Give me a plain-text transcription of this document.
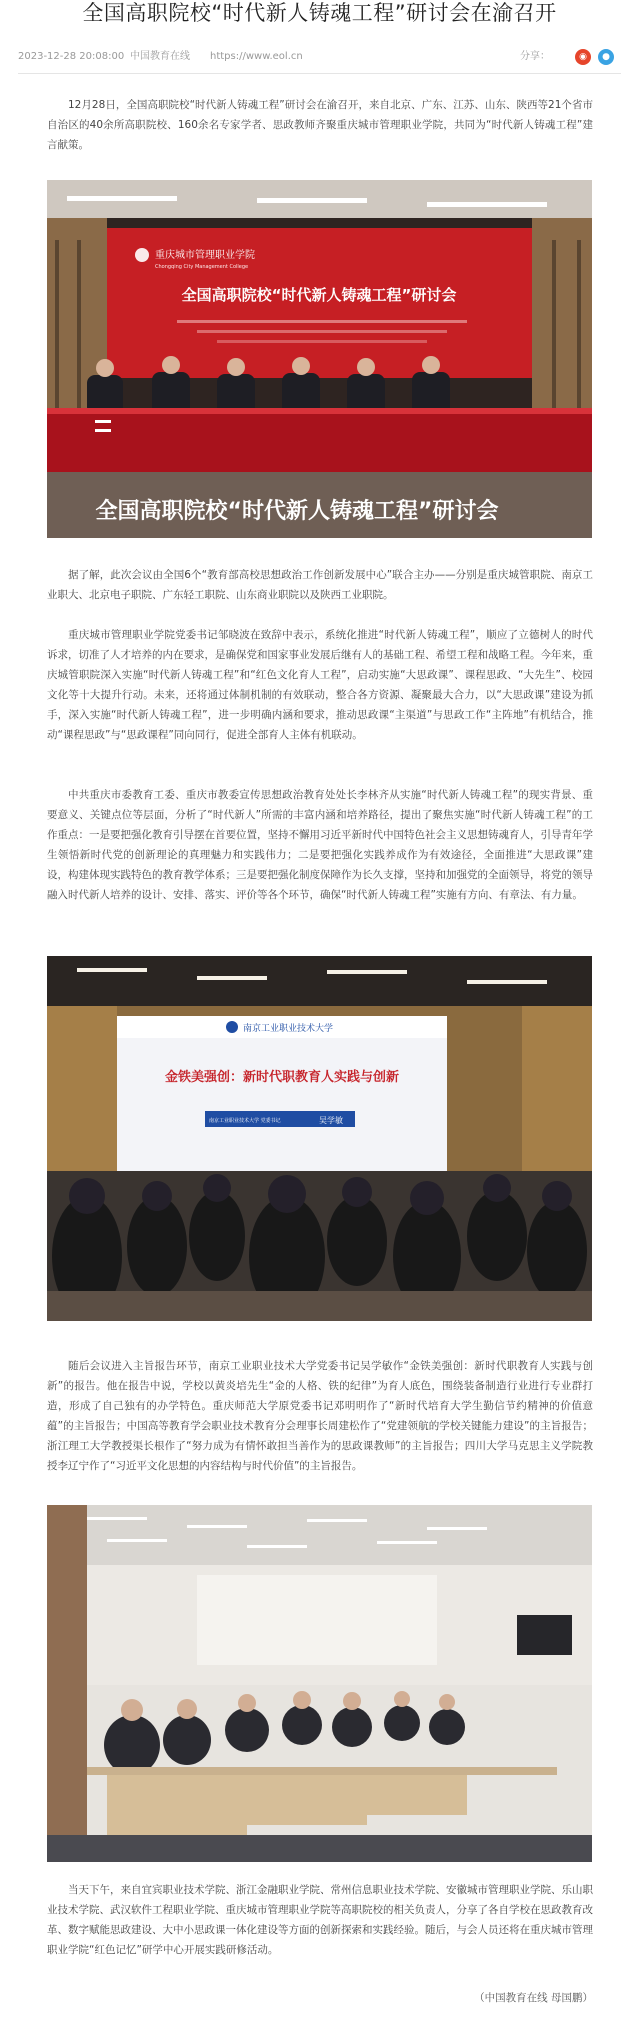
全国高职院校“时代新人铸魂工程”研讨会在渝召开
2023-12-28 20:08:00 中国教育在线 https://www.eol.cn	分享：	◉	●

12月28日，全国高职院校“时代新人铸魂工程”研讨会在渝召开，来自北京、广东、江苏、山东、陕西等21个省市自治区的40余所高职院校、160余名专家学者、思政教师齐聚重庆城市管理职业学院，共同为“时代新人铸魂工程”建言献策。

重庆城市管理职业学院
Chongqing City Management College
全国高职院校“时代新人铸魂工程”研讨会
全国高职院校“时代新人铸魂工程”研讨会

据了解，此次会议由全国6个“教育部高校思想政治工作创新发展中心”联合主办——分别是重庆城管职院、南京工业职大、北京电子职院、广东轻工职院、山东商业职院以及陕西工业职院。

重庆城市管理职业学院党委书记邹晓波在致辞中表示，系统化推进“时代新人铸魂工程”，顺应了立德树人的时代诉求，切准了人才培养的内在要求，是确保党和国家事业发展后继有人的基础工程、希望工程和战略工程。今年来，重庆城管职院深入实施“时代新人铸魂工程”和“红色文化育人工程”，启动实施“大思政课”、课程思政、“大先生”、校园文化等十大提升行动。未来，还将通过体制机制的有效联动，整合各方资源、凝聚最大合力，以“大思政课”建设为抓手，深入实施“时代新人铸魂工程”，进一步明确内涵和要求，推动思政课“主渠道”与思政工作“主阵地”有机结合，推动“课程思政”与“思政课程”同向同行，促进全部育人主体有机联动。

中共重庆市委教育工委、重庆市教委宣传思想政治教育处处长李林齐从实施“时代新人铸魂工程”的现实背景、重要意义、关键点位等层面，分析了“时代新人”所需的丰富内涵和培养路径，提出了聚焦实施“时代新人铸魂工程”的工作重点：一是要把强化教育引导摆在首要位置，坚持不懈用习近平新时代中国特色社会主义思想铸魂育人，引导青年学生领悟新时代党的创新理论的真理魅力和实践伟力；二是要把强化实践养成作为有效途径，全面推进“大思政课”建设，构建体现实践特色的教育教学体系；三是要把强化制度保障作为长久支撑，坚持和加强党的全面领导，将党的领导融入时代新人培养的设计、安排、落实、评价等各个环节，确保“时代新人铸魂工程”实施有方向、有章法、有力量。

南京工业职业技术大学
金铁美强创：新时代职教育人实践与创新
南京工业职业技术大学 党委书记	吴学敏

随后会议进入主旨报告环节，南京工业职业技术大学党委书记吴学敏作“金铁美强创：新时代职教育人实践与创新”的报告。他在报告中说，学校以黄炎培先生“金的人格、铁的纪律”为育人底色，围绕装备制造行业进行专业群打造，形成了自己独有的办学特色。重庆师范大学原党委书记邓明明作了“新时代培育大学生勤信节约精神的价值意蕴”的主旨报告；中国高等教育学会职业技术教育分会理事长周建松作了“党建领航的学校关键能力建设”的主旨报告；浙江理工大学教授渠长根作了“努力成为有情怀敢担当善作为的思政课教师”的主旨报告；四川大学马克思主义学院教授李辽宁作了“习近平文化思想的内容结构与时代价值”的主旨报告。

当天下午，来自宜宾职业技术学院、浙江金融职业学院、常州信息职业技术学院、安徽城市管理职业学院、乐山职业技术学院、武汉软件工程职业学院、重庆城市管理职业学院等高职院校的相关负责人，分享了各自学校在思政教育改革、数字赋能思政建设、大中小思政课一体化建设等方面的创新探索和实践经验。随后，与会人员还将在重庆城市管理职业学院“红色记忆”研学中心开展实践研修活动。

（中国教育在线 母国鹏）
